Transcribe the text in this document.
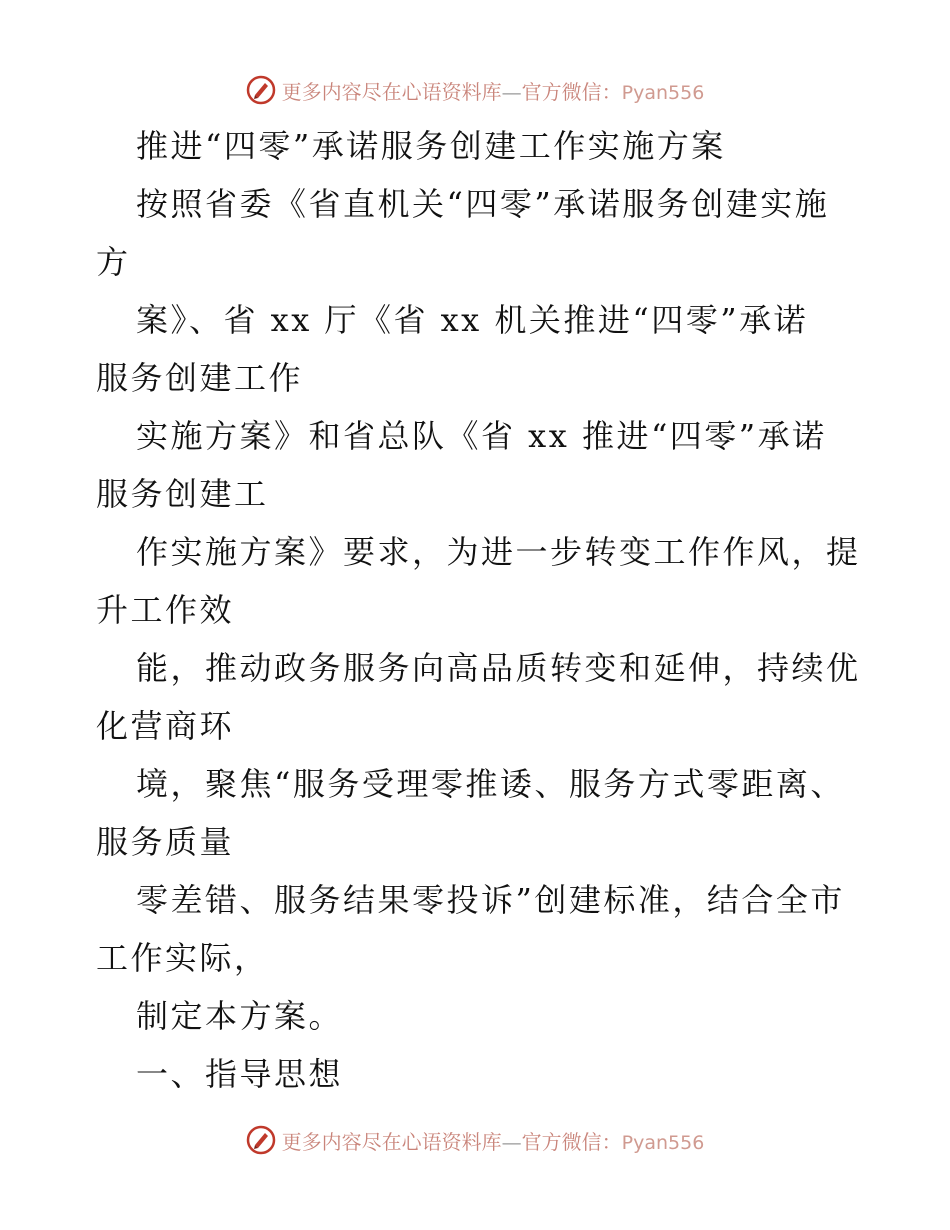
更多内容尽在心语资料库—官方微信：Pyan556
推进“四零”承诺服务创建工作实施方案
按照省委《省直机关“四零”承诺服务创建实施
方
案》、省 xx 厅《省 xx 机关推进“四零”承诺
服务创建工作
实施方案》和省总队《省 xx 推进“四零”承诺
服务创建工
作实施方案》要求，为进一步转变工作作风，提
升工作效
能，推动政务服务向高品质转变和延伸，持续优
化营商环
境，聚焦“服务受理零推诿、服务方式零距离、
服务质量
零差错、服务结果零投诉”创建标准，结合全市
工作实际，
制定本方案。
一、指导思想
更多内容尽在心语资料库—官方微信：Pyan556
